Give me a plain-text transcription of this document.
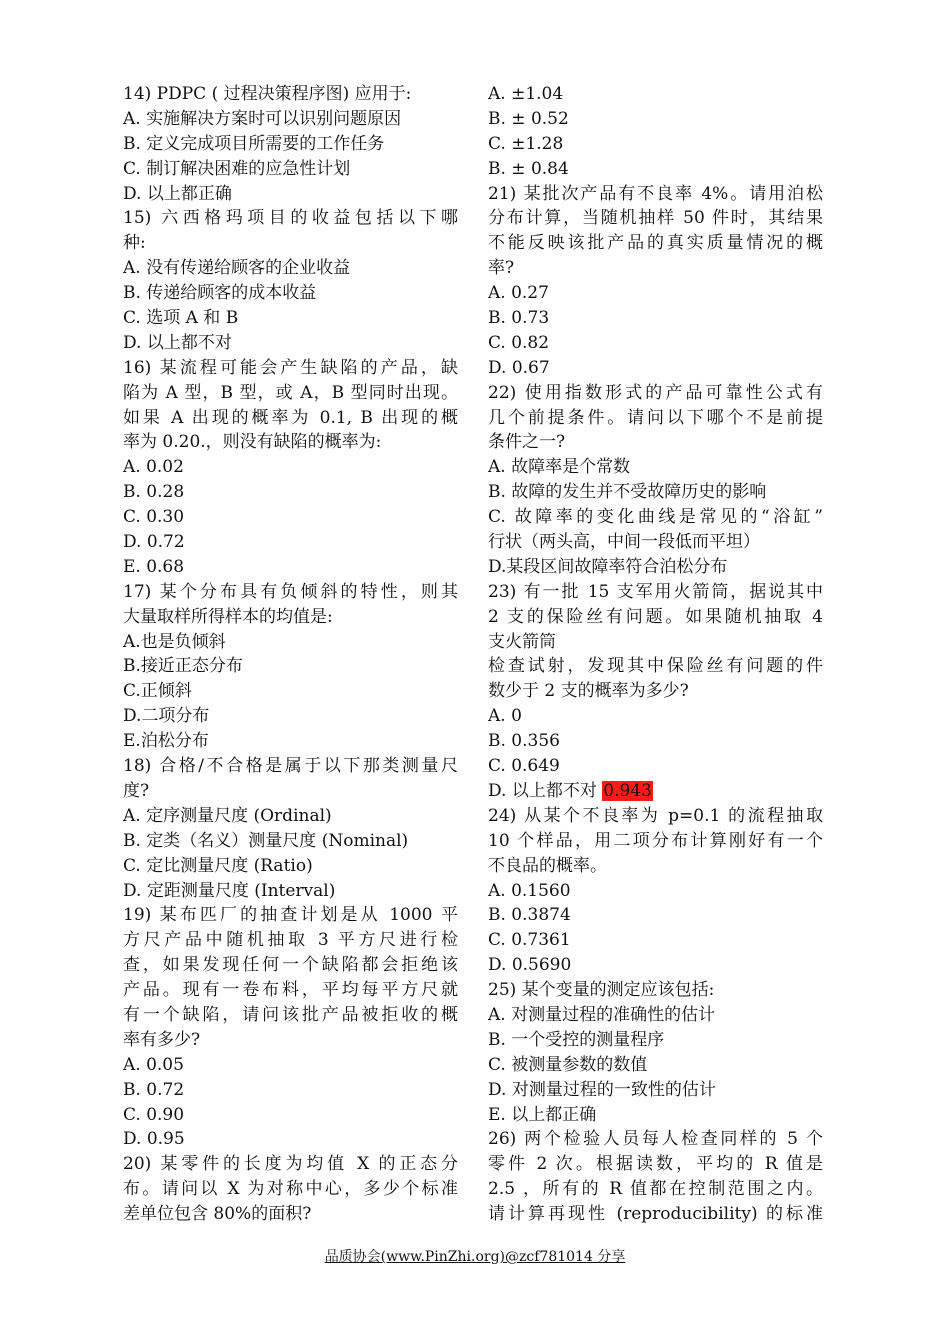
14) PDPC ( 过程决策程序图) 应用于:
A. 实施解决方案时可以识别问题原因
B. 定义完成项目所需要的工作任务
C. 制订解决困难的应急性计划
D. 以上都正确
15) 六西格玛项目的收益包括以下哪
种:
A. 没有传递给顾客的企业收益
B. 传递给顾客的成本收益
C. 选项 A 和 B
D. 以上都不对
16) 某流程可能会产生缺陷的产品，缺
陷为 A 型，B 型，或 A，B 型同时出现。
如果 A 出现的概率为 0.1, B 出现的概
率为 0.20.，则没有缺陷的概率为:
A. 0.02
B. 0.28
C. 0.30
D. 0.72
E. 0.68
17) 某个分布具有负倾斜的特性，则其
大量取样所得样本的均值是:
A.也是负倾斜
B.接近正态分布
C.正倾斜
D.二项分布
E.泊松分布
18) 合格/不合格是属于以下那类测量尺
度?
A. 定序测量尺度 (Ordinal)
B. 定类（名义）测量尺度 (Nominal)
C. 定比测量尺度 (Ratio)
D. 定距测量尺度 (Interval)
19) 某布匹厂的抽查计划是从 1000 平
方尺产品中随机抽取 3 平方尺进行检
查，如果发现任何一个缺陷都会拒绝该
产品。现有一卷布料，平均每平方尺就
有一个缺陷，请问该批产品被拒收的概
率有多少?
A. 0.05
B. 0.72
C. 0.90
D. 0.95
20) 某零件的长度为均值 X 的正态分
布。请问以 X 为对称中心，多少个标准
差单位包含 80%的面积?
A. ±1.04
B. ± 0.52
C. ±1.28
B. ± 0.84
21) 某批次产品有不良率 4%。请用泊松
分布计算，当随机抽样 50 件时，其结果
不能反映该批产品的真实质量情况的概
率?
A. 0.27
B. 0.73
C. 0.82
D. 0.67
22) 使用指数形式的产品可靠性公式有
几个前提条件。请问以下哪个不是前提
条件之一?
A. 故障率是个常数
B. 故障的发生并不受故障历史的影响
C. 故障率的变化曲线是常见的“浴缸”
行状（两头高，中间一段低而平坦）
D.某段区间故障率符合泊松分布
23) 有一批 15 支军用火箭筒，据说其中
2 支的保险丝有问题。如果随机抽取 4
支火箭筒
检查试射，发现其中保险丝有问题的件
数少于 2 支的概率为多少?
A. 0
B. 0.356
C. 0.649
D. 以上都不对 0.943
24) 从某个不良率为 p=0.1 的流程抽取
10 个样品，用二项分布计算刚好有一个
不良品的概率。
A. 0.1560
B. 0.3874
C. 0.7361
D. 0.5690
25) 某个变量的测定应该包括:
A. 对测量过程的准确性的估计
B. 一个受控的测量程序
C. 被测量参数的数值
D. 对测量过程的一致性的估计
E. 以上都正确
26) 两个检验人员每人检查同样的 5 个
零件 2 次。根据读数，平均的 R 值是
2.5 ，所有的 R 值都在控制范围之内。
请计算再现性 (reproducibility) 的标准
品质协会(www.PinZhi.org)@zcf781014 分享
